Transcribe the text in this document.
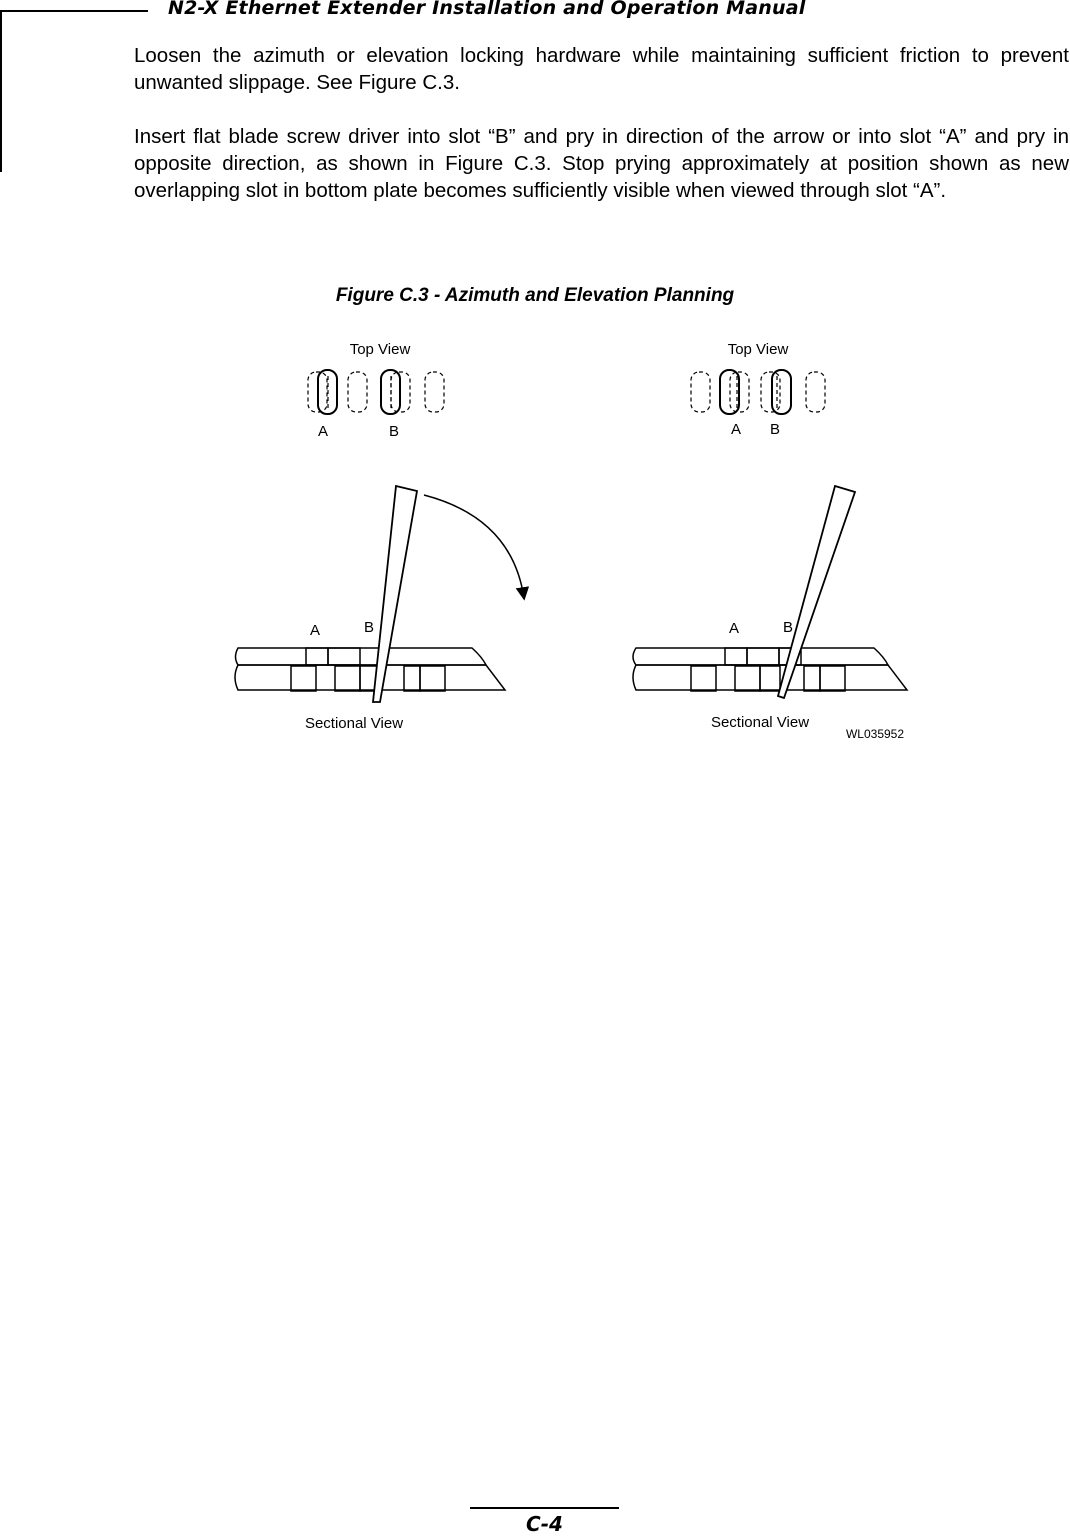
N2-X Ethernet Extender Installation and Operation Manual

Loosen the azimuth or elevation locking hardware while maintaining sufficient friction to prevent unwanted slippage. See Figure C.3.

Insert flat blade screw driver into slot “B” and pry in direction of the arrow or into slot “A” and pry in opposite direction, as shown in Figure C.3. Stop prying approximately at position shown as new overlapping slot in bottom plate becomes sufficiently visible when viewed through slot “A”.

Figure C.3 - Azimuth and Elevation Planning
Top View
A	B
A	B
Sectional View
Top View
A B
A	B
Sectional View
WL035952
C-4
